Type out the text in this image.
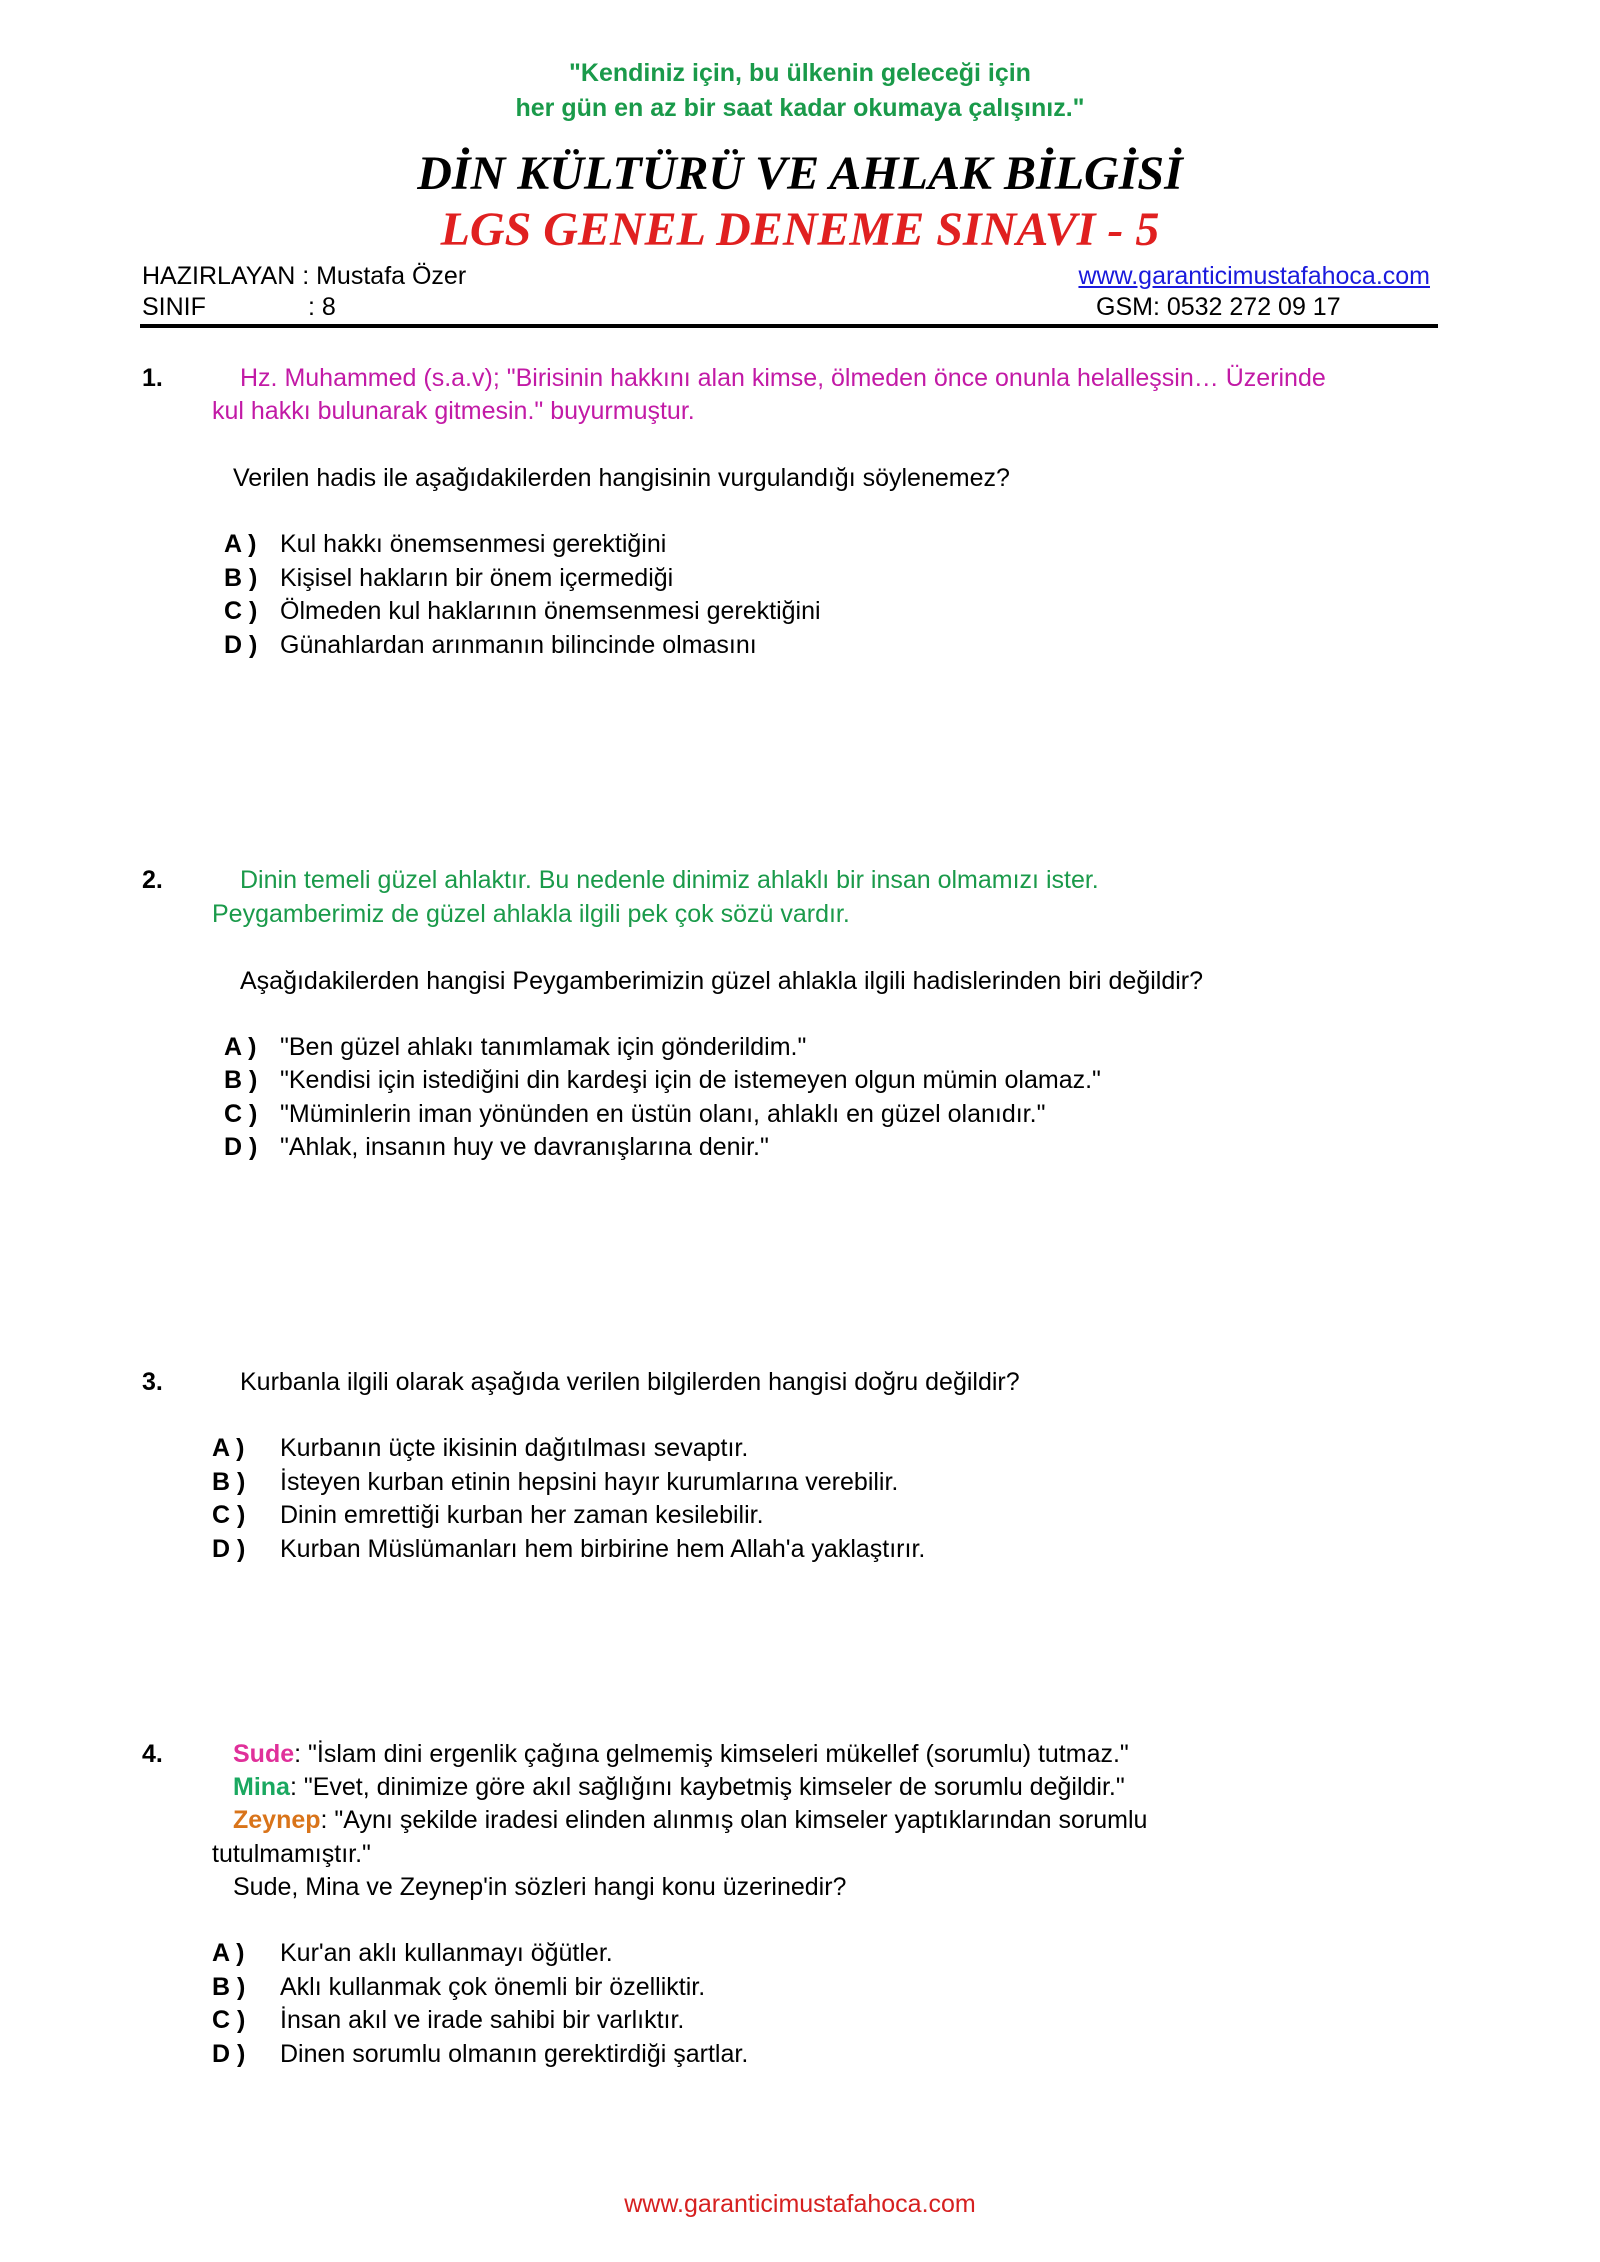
"Kendiniz için, bu ülkenin geleceği için
her gün en az bir saat kadar okumaya çalışınız."
DİN KÜLTÜRÜ VE AHLAK BİLGİSİ
LGS GENEL DENEME SINAVI - 5
HAZIRLAYAN : Mustafa Özer	www.garanticimustafahoca.com
SINIF	: 8	GSM: 0532 272 09 17
1.	Hz. Muhammed (s.a.v); "Birisinin hakkını alan kimse, ölmeden önce onunla helalleşsin… Üzerinde
kul hakkı bulunarak gitmesin." buyurmuştur.
Verilen hadis ile aşağıdakilerden hangisinin vurgulandığı söylenemez?
A ) Kul hakkı önemsenmesi gerektiğini
B ) Kişisel hakların bir önem içermediği
C ) Ölmeden kul haklarının önemsenmesi gerektiğini
D ) Günahlardan arınmanın bilincinde olmasını
2.	Dinin temeli güzel ahlaktır. Bu nedenle dinimiz ahlaklı bir insan olmamızı ister.
Peygamberimiz de güzel ahlakla ilgili pek çok sözü vardır.
Aşağıdakilerden hangisi Peygamberimizin güzel ahlakla ilgili hadislerinden biri değildir?
A ) "Ben güzel ahlakı tanımlamak için gönderildim."
B ) "Kendisi için istediğini din kardeşi için de istemeyen olgun mümin olamaz."
C ) "Müminlerin iman yönünden en üstün olanı, ahlaklı en güzel olanıdır."
D ) "Ahlak, insanın huy ve davranışlarına denir."
3.	Kurbanla ilgili olarak aşağıda verilen bilgilerden hangisi doğru değildir?
A ) Kurbanın üçte ikisinin dağıtılması sevaptır.
B ) İsteyen kurban etinin hepsini hayır kurumlarına verebilir.
C ) Dinin emrettiği kurban her zaman kesilebilir.
D ) Kurban Müslümanları hem birbirine hem Allah'a yaklaştırır.
4.	Sude: "İslam dini ergenlik çağına gelmemiş kimseleri mükellef (sorumlu) tutmaz."
Mina: "Evet, dinimize göre akıl sağlığını kaybetmiş kimseler de sorumlu değildir."
Zeynep: "Aynı şekilde iradesi elinden alınmış olan kimseler yaptıklarından sorumlu
tutulmamıştır."
Sude, Mina ve Zeynep'in sözleri hangi konu üzerinedir?
A ) Kur'an aklı kullanmayı öğütler.
B ) Aklı kullanmak çok önemli bir özelliktir.
C ) İnsan akıl ve irade sahibi bir varlıktır.
D ) Dinen sorumlu olmanın gerektirdiği şartlar.
www.garanticimustafahoca.com
